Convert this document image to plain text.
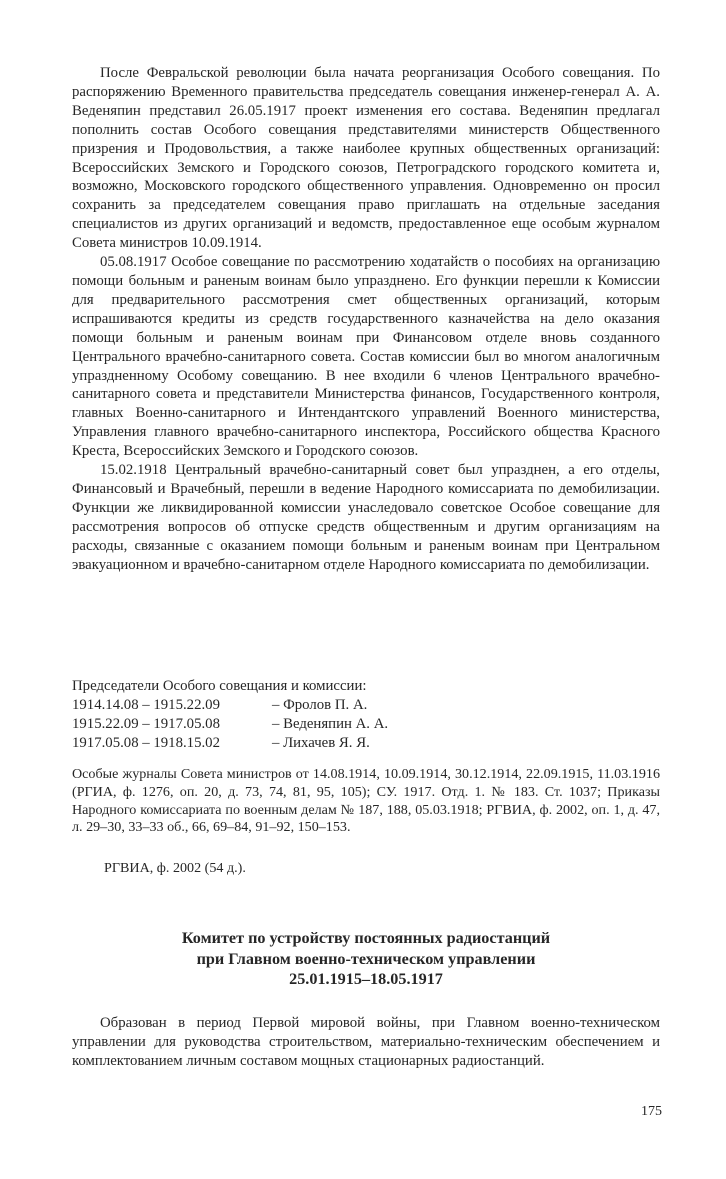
После Февральской революции была начата реорганизация Особого совещания. По распоряжению Временного правительства председатель совещания инженер-генерал А. А. Веденяпин представил 26.05.1917 проект изменения его состава. Веденяпин предлагал пополнить состав Особого совещания представителями министерств Общественного призрения и Продовольствия, а также наиболее крупных общественных организаций: Всероссийских Земского и Городского союзов, Петроградского городского комитета и, возможно, Московского городского общественного управления. Одновременно он просил сохранить за председателем совещания право приглашать на отдельные заседания специалистов из других организаций и ведомств, предоставленное еще особым журналом Совета министров 10.09.1914.

05.08.1917 Особое совещание по рассмотрению ходатайств о пособиях на организацию помощи больным и раненым воинам было упразднено. Его функции перешли к Комиссии для предварительного рассмотрения смет общественных организаций, которым испрашиваются кредиты из средств государственного казначейства на дело оказания помощи больным и раненым воинам при Финансовом отделе вновь созданного Центрального врачебно-санитарного совета. Состав комиссии был во многом аналогичным упраздненному Особому совещанию. В нее входили 6 членов Центрального врачебно-санитарного совета и представители Министерства финансов, Государственного контроля, главных Военно-санитарного и Интендантского управлений Военного министерства, Управления главного врачебно-санитарного инспектора, Российского общества Красного Креста, Всероссийских Земского и Городского союзов.

15.02.1918 Центральный врачебно-санитарный совет был упразднен, а его отделы, Финансовый и Врачебный, перешли в ведение Народного комиссариата по демобилизации. Функции же ликвидированной комиссии унаследовало советское Особое совещание для рассмотрения вопросов об отпуске средств общественным и другим организациям на расходы, связанные с оказанием помощи больным и раненым воинам при Центральном эвакуационном и врачебно-санитарном отделе Народного комиссариата по демобилизации.

Председатели Особого совещания и комиссии:

1914.14.08 – 1915.22.09	– Фролов П. А.
1915.22.09 – 1917.05.08	– Веденяпин А. А.
1917.05.08 – 1918.15.02	– Лихачев Я. Я.

Особые журналы Совета министров от 14.08.1914, 10.09.1914, 30.12.1914, 22.09.1915, 11.03.1916 (РГИА, ф. 1276, оп. 20, д. 73, 74, 81, 95, 105); СУ. 1917. Отд. 1. № 183. Ст. 1037; Приказы Народного комиссариата по военным делам № 187, 188, 05.03.1918; РГВИА, ф. 2002, оп. 1, д. 47, л. 29–30, 33–33 об., 66, 69–84, 91–92, 150–153.

РГВИА, ф. 2002 (54 д.).

Комитет по устройству постоянных радиостанций

при Главном военно-техническом управлении

25.01.1915–18.05.1917

Образован в период Первой мировой войны, при Главном военно-техническом управлении для руководства строительством, материально-техническим обеспечением и комплектованием личным составом мощных стационарных радиостанций.

175
